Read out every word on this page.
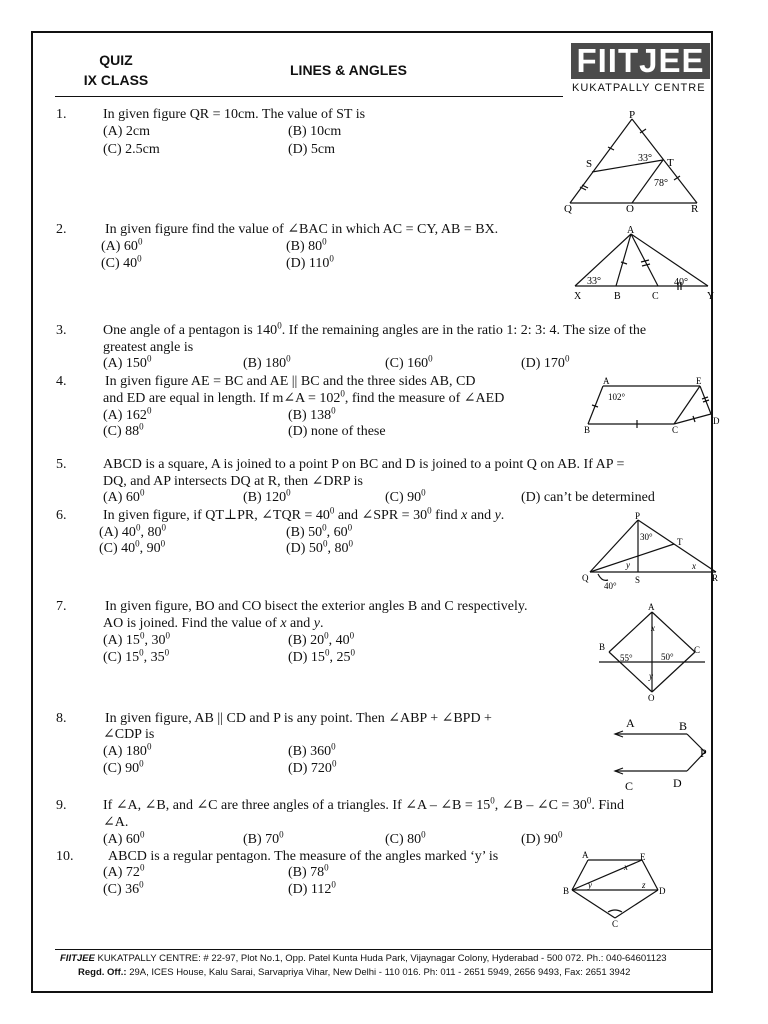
QUIZ
IX CLASS
LINES & ANGLES	FIITJEE
KUKATPALLY CENTRE
1.	In given figure QR = 10cm. The value of ST is
(A) 2cm	(B) 10cm
(C) 2.5cm	(D) 5cm
P
S	T
Q	O	R
33°
78°
2.	In given figure find the value of ∠BAC in which AC = CY, AB = BX.
(A) $60^0$	(B) $80^0$
(C) $40^0$	(D) $110^0$
A
X	B	C	Y
33°	40°
3.	One angle of a pentagon is $140^0$. If the remaining angles are in the ratio 1: 2: 3: 4. The size of the
greatest angle is
(A) $150^0$	(B) $180^0$	(C) $160^0$	(D) $170^0$
4.	In given figure AE = BC and AE || BC and the three sides AB, CD
and ED are equal in length. If m∠A = $102^0$, find the measure of ∠AED
(A) $162^0$	(B) $138^0$
(C) $88^0$	(D) none of these
A	E
B	C
D
102°
5.	ABCD is a square, A is joined to a point P on BC and D is joined to a point Q on AB. If AP =
DQ, and AP intersects DQ at R, then ∠DRP is
(A) $60^0$	(B) $120^0$	(C) $90^0$	(D) can’t be determined
6.	In given figure, if QT⊥PR, ∠TQR = $40^0$ and ∠SPR = $30^0$ find x and y.
(A) $40^0$, $80^0$	(B) $50^0$, $60^0$
(C) $40^0$, $90^0$	(D) $50^0$, $80^0$
P
T
Q	S	R
30°
40°
y	x
7.	In given figure, BO and CO bisect the exterior angles B and C respectively.
AO is joined. Find the value of x and y.
(A) $15^0$, $30^0$	(B) $20^0$, $40^0$
(C) $15^0$, $35^0$	(D) $15^0$, $25^0$
A
B	C
O
x
y
55°	50°
8.	In given figure, AB || CD and P is any point. Then ∠ABP + ∠BPD +
∠CDP is
(A) $180^0$	(B) $360^0$
(C) $90^0$	(D) $720^0$
A	B
P
C	D
9.	If ∠A, ∠B, and ∠C are three angles of a triangles. If ∠A – ∠B = $15^0$, ∠B – ∠C = $30^0$. Find
∠A.
(A) $60^0$	(B) $70^0$	(C) $80^0$	(D) $90^0$
10. ABCD is a regular pentagon. The measure of the angles marked ‘y’ is
(A) $72^0$	(B) $78^0$
(C) $36^0$	(D) $112^0$
A	E
B	D
C
x
y	z
FIITJEE KUKATPALLY CENTRE: # 22-97, Plot No.1, Opp. Patel Kunta Huda Park, Vijaynagar Colony, Hyderabad - 500 072. Ph.: 040-64601123
Regd. Off.: 29A, ICES House, Kalu Sarai, Sarvapriya Vihar, New Delhi - 110 016. Ph: 011 - 2651 5949, 2656 9493, Fax: 2651 3942
